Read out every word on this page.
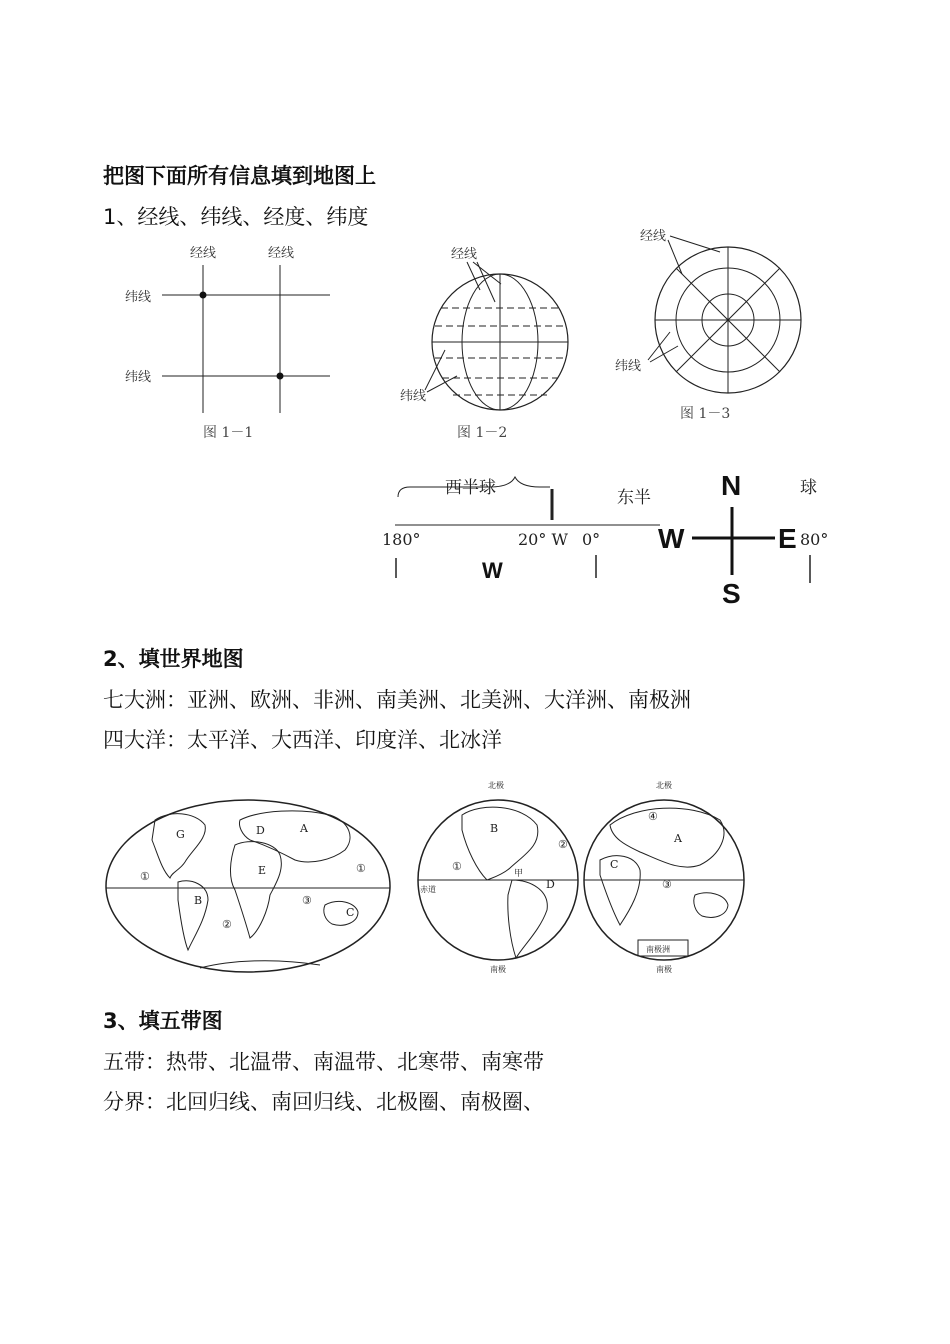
把图下面所有信息填到地图上
1、经线、纬线、经度、纬度
经线	经线
纬线
纬线
图 1－1
经线
纬线
图 1－2
经线
纬线
图 1－3
西半球	东半	球
180°	20° W 0°	80°
W
N
S
W	E
2、填世界地图
七大洲：亚洲、欧洲、非洲、南美洲、北美洲、大洋洲、南极洲
四大洋：太平洋、大西洋、印度洋、北冰洋
G	D	A
①	E	①
B
②
③
C
北极
B
②
①
赤道
甲
D
南极
北极
④
A
C
③
南极洲
南极
3、填五带图
五带：热带、北温带、南温带、北寒带、南寒带
分界：北回归线、南回归线、北极圈、南极圈、
